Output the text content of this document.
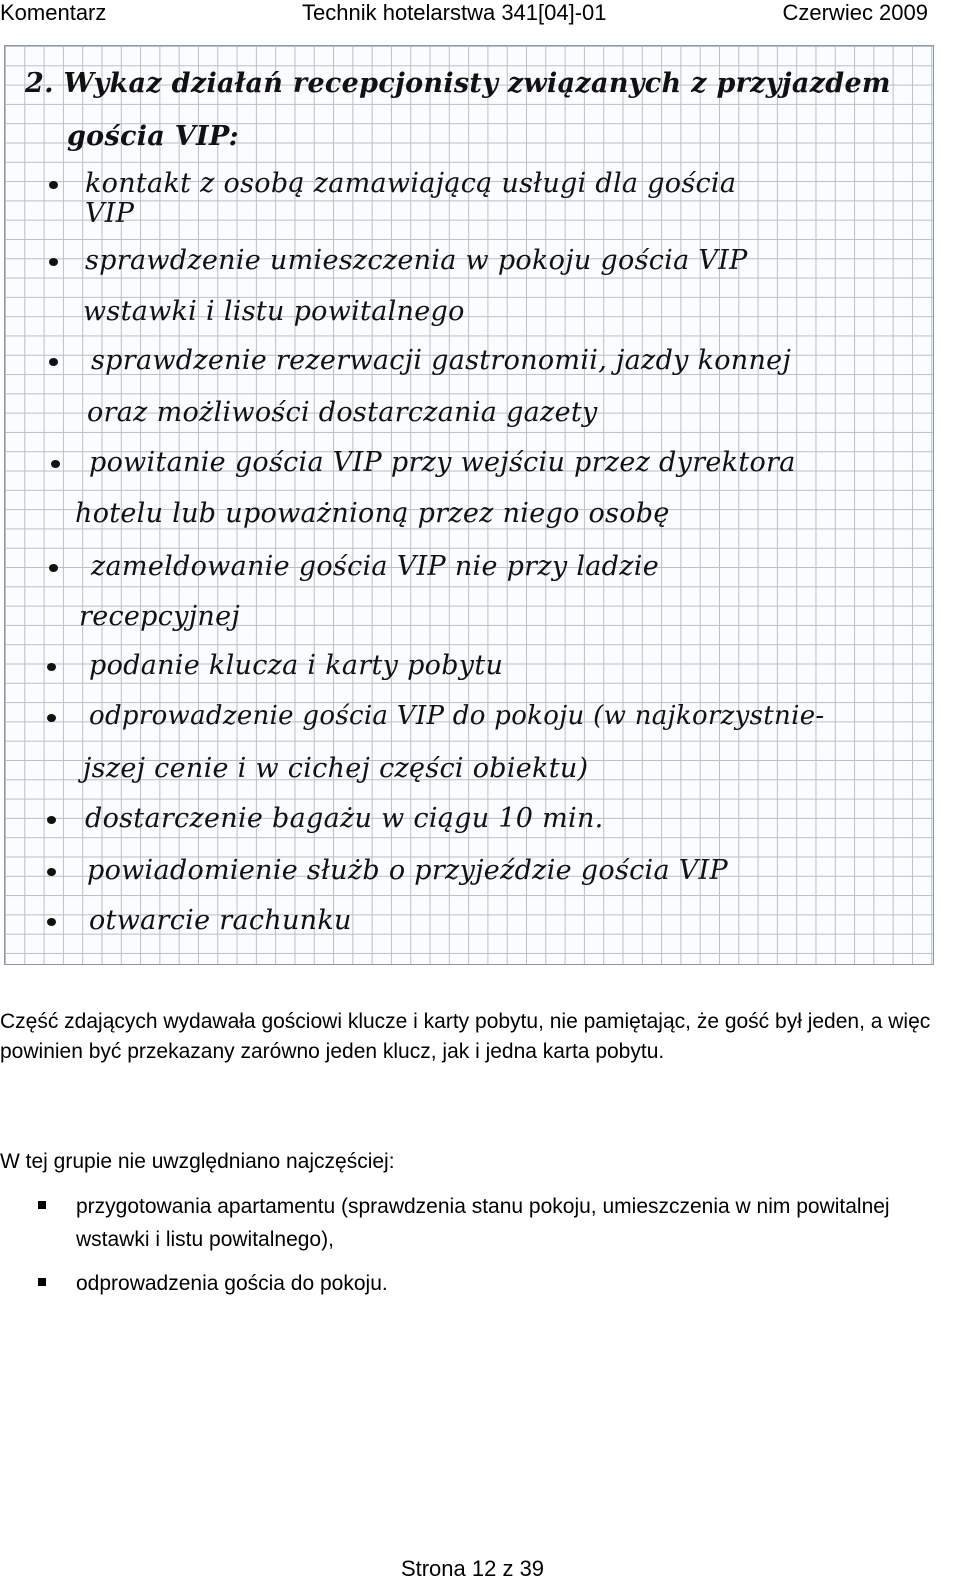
Komentarz	Technik hotelarstwa 341[04]-01	Czerwiec 2009
2. Wykaz działań recepcjonisty związanych z przyjazdem
gościa VIP:
kontakt z osobą zamawiającą usługi dla gościa
VIP
sprawdzenie umieszczenia w pokoju gościa VIP
wstawki i listu powitalnego
sprawdzenie rezerwacji gastronomii, jazdy konnej
oraz możliwości dostarczania gazety
powitanie gościa VIP przy wejściu przez dyrektora
hotelu lub upoważnioną przez niego osobę
zameldowanie gościa VIP nie przy ladzie
recepcyjnej
podanie klucza i karty pobytu
odprowadzenie gościa VIP do pokoju (w najkorzystnie-
jszej cenie i w cichej części obiektu)
dostarczenie bagażu w ciągu 10 min.
powiadomienie służb o przyjeździe gościa VIP
otwarcie rachunku
Część zdających wydawała gościowi klucze i karty pobytu, nie pamiętając, że gość był jeden, a więc powinien być przekazany zarówno jeden klucz, jak i jedna karta pobytu.
W tej grupie nie uwzględniano najczęściej:
przygotowania apartamentu (sprawdzenia stanu pokoju, umieszczenia w nim powitalnej wstawki i listu powitalnego),
odprowadzenia gościa do pokoju.
Strona 12 z 39
